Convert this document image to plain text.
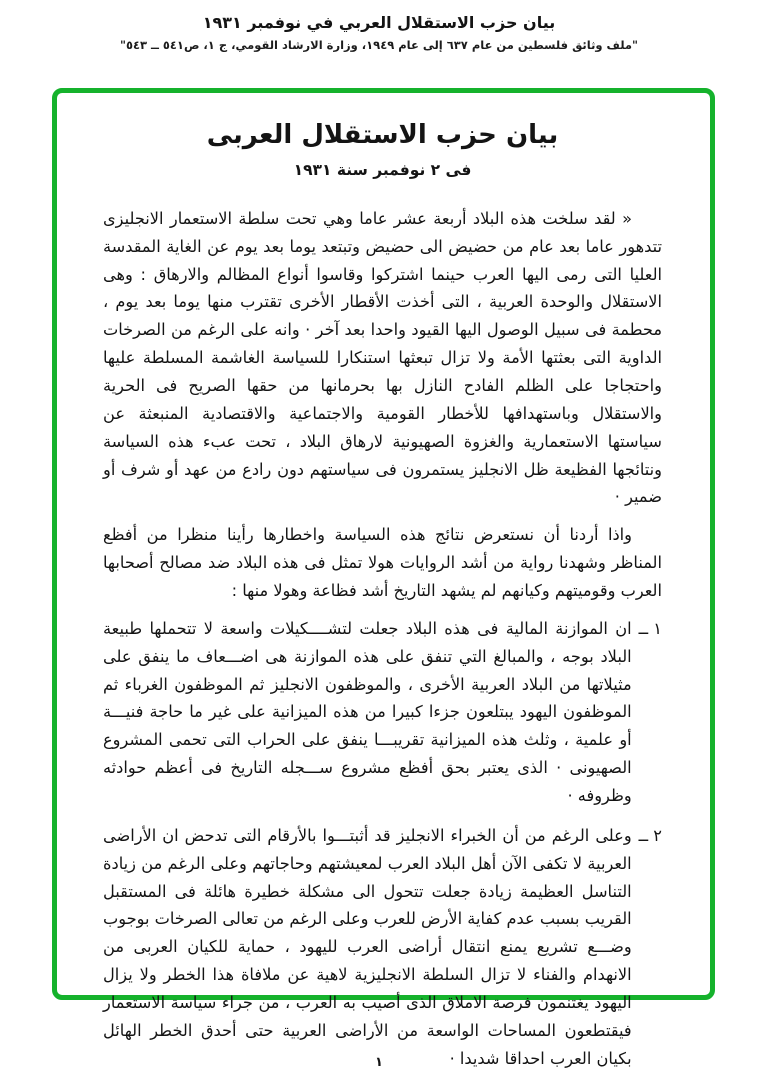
بيان حزب الاستقلال العربي في نوفمبر ١٩٣١
"ملف وثائق فلسطين من عام ٦٣٧ إلى عام ١٩٤٩، وزارة الارشاد القومي، ج ١، ص٥٤١ ــ ٥٤٣"
بيان حزب الاستقلال العربى
فى ٢ نوفمبر سنة ١٩٣١

« لقد سلخت هذه البلاد أربعة عشر عاما وهي تحت سلطة الاستعمار الانجليزى تتدهور عاما بعد عام من حضيض الى حضيض وتبتعد يوما بعد يوم عن الغاية المقدسة العليا التى رمى اليها العرب حينما اشتركوا وقاسوا أنواع المظالم والارهاق : وهى الاستقلال والوحدة العربية ، التى أخذت الأقطار الأخرى تقترب منها يوما بعد يوم ، محطمة فى سبيل الوصول اليها القيود واحدا بعد آخر · وانه على الرغم من الصرخات الداوية التى بعثتها الأمة ولا تزال تبعثها استنكارا للسياسة الغاشمة المسلطة عليها واحتجاجا على الظلم الفادح النازل بها بحرمانها من حقها الصريح فى الحرية والاستقلال وباستهدافها للأخطار القومية والاجتماعية والاقتصادية المنبعثة عن سياستها الاستعمارية والغزوة الصهيونية لارهاق البلاد ، تحت عبء هذه السياسة ونتائجها الفظيعة ظل الانجليز يستمرون فى سياستهم دون رادع من عهد أو شرف أو ضمير ·

واذا أردنا أن نستعرض نتائج هذه السياسة واخطارها رأينا منظرا من أفظع المناظر وشهدنا رواية من أشد الروايات هولا تمثل فى هذه البلاد ضد مصالح أصحابها العرب وقوميتهم وكيانهم لم يشهد التاريخ أشد فظاعة وهولا منها :

١ ــ
ان الموازنة المالية فى هذه البلاد جعلت لتشــــكيلات واسعة لا تتحملها طبيعة البلاد بوجه ، والمبالغ التي تنفق على هذه الموازنة هى اضـــعاف ما ينفق على مثيلاتها من البلاد العربية الأخرى ، والموظفون الانجليز ثم الموظفون الغرباء ثم الموظفون اليهود يبتلعون جزءا كبيرا من هذه الميزانية على غير ما حاجة فنيـــة أو علمية ، وثلث هذه الميزانية تقريبـــا ينفق على الحراب التى تحمى المشروع الصهيونى · الذى يعتبر بحق أفظع مشروع ســـجله التاريخ فى أعظم حوادثه وظروفه ·
٢ ــ
وعلى الرغم من أن الخبراء الانجليز قد أثبتـــوا بالأرقام التى تدحض ان الأراضى العربية لا تكفى الآن أهل البلاد العرب لمعيشتهم وحاجاتهم وعلى الرغم من زيادة التناسل العظيمة زيادة جعلت تتحول الى مشكلة خطيرة هائلة فى المستقبل القريب بسبب عدم كفاية الأرض للعرب وعلى الرغم من تعالى الصرخات بوجوب وضـــع تشريع يمنع انتقال أراضى العرب لليهود ، حماية للكيان العربى من الانهدام والفناء لا تزال السلطة الانجليزية لاهية عن ملافاة هذا الخطر ولا يزال اليهود يغتنمون فرصة الاملاق الذى أصيب به العرب ، من جراء سياسة الاستعمار فيقتطعون المساحات الواسعة من الأراضى العربية حتى أحدق الخطر الهائل بكيان العرب احداقا شديدا ·
١
